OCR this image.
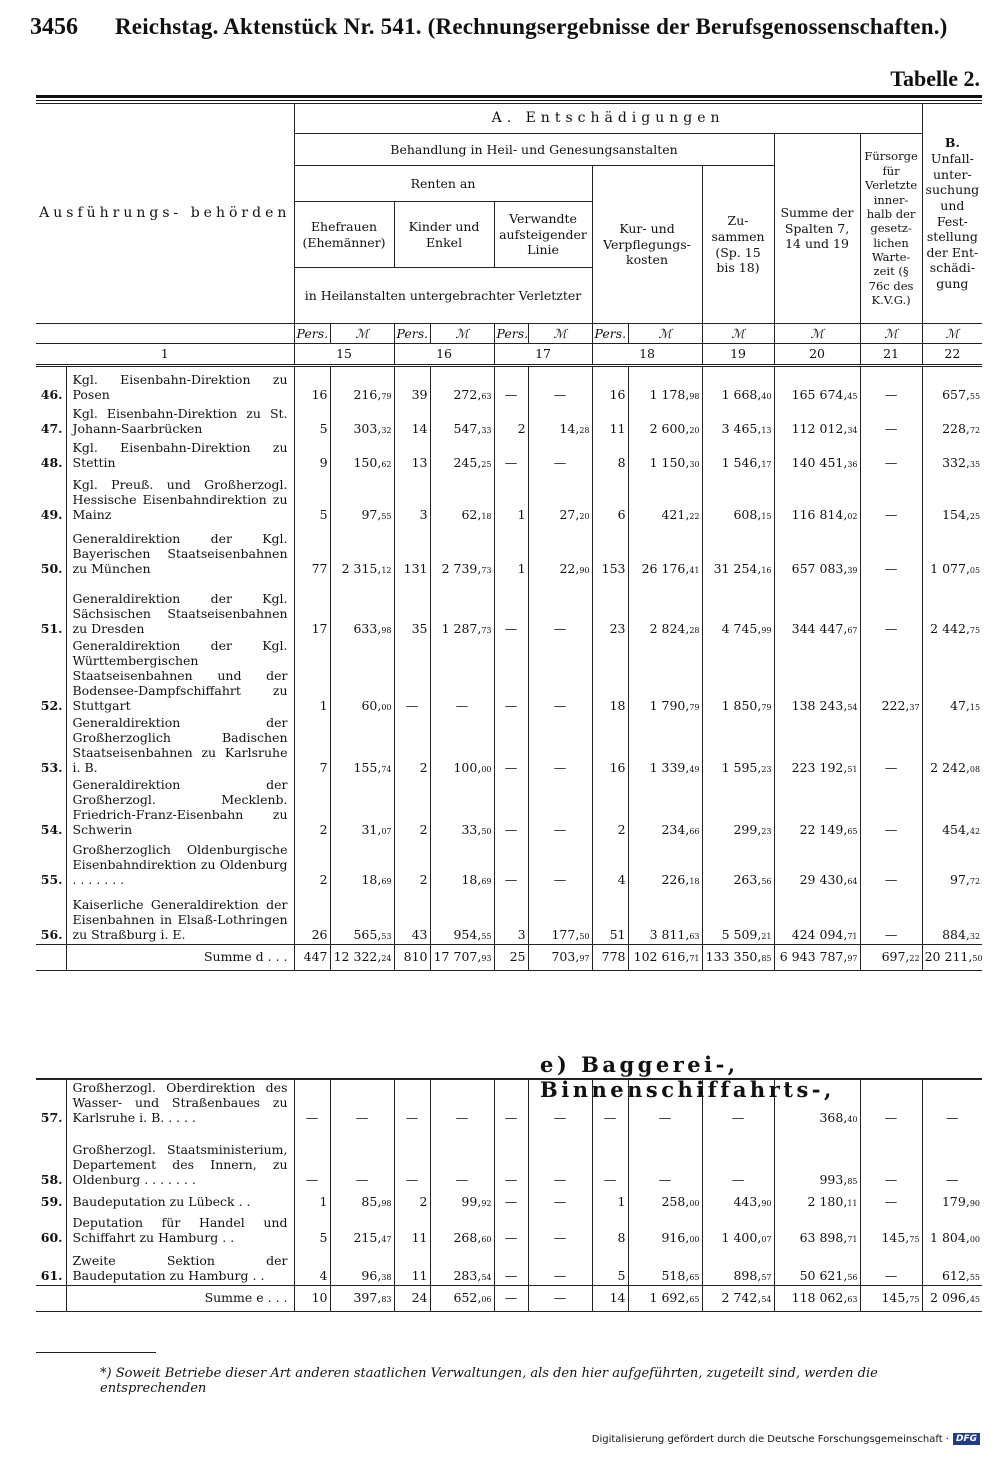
3456	Reichstag. Aktenstück Nr. 541. (Rechnungsergebnisse der Berufsgenossenschaften.)
Tabelle 2.
Ausführungs- behörden		A. Entschädigungen											B.
Unfall- unter- suchung und Fest- stellung der Ent- schädi- gung

		Behandlung in Heil- und Genesungsanstalten									Summe der Spalten 7, 14 und 19	Fürsorge für Verletzte inner- halb der gesetz- lichen Warte- zeit (§ 76c des K.V.G.)	
		Renten an						Kur- und Verpflegungs- kosten		Zu- sammen (Sp. 15 bis 18)			
		Ehefrauen (Ehemänner)		Kinder und Enkel		Verwandte aufsteigender Linie							
		in Heilanstalten untergebrachter Verletzter											
		Pers.	ℳ	Pers.	ℳ	Pers.	ℳ	Pers.	ℳ	ℳ	ℳ	ℳ	ℳ
1		15		16		17		18		19	20	21	22
46.	Kgl. Eisenbahn-Direktion zu Posen	16	216,79	39	272,63	—	—	16	1 178,98	1 668,40	165 674,45	—	657,55
47.	Kgl. Eisenbahn-Direktion zu St. Johann-Saarbrücken	5	303,32	14	547,33	2	14,28	11	2 600,20	3 465,13	112 012,34	—	228,72
48.	Kgl. Eisenbahn-Direktion zu Stettin	9	150,62	13	245,25	—	—	8	1 150,30	1 546,17	140 451,36	—	332,35
49.	Kgl. Preuß. und Großherzogl. Hessische Eisenbahndirektion zu Mainz	5	97,55	3	62,18	1	27,20	6	421,22	608,15	116 814,02	—	154,25
50.	Generaldirektion der Kgl. Bayerischen Staatseisenbahnen zu München	77	2 315,12	131	2 739,73	1	22,90	153	26 176,41	31 254,16	657 083,39	—	1 077,05
51.	Generaldirektion der Kgl. Sächsischen Staatseisenbahnen zu Dresden	17	633,98	35	1 287,73	—	—	23	2 824,28	4 745,99	344 447,67	—	2 442,75
52.	Generaldirektion der Kgl. Württembergischen Staatseisenbahnen und der Bodensee-Dampfschiffahrt zu Stuttgart	1	60,00	—	—	—	—	18	1 790,79	1 850,79	138 243,54	222,37	47,15
53.	Generaldirektion der Großherzoglich Badischen Staatseisenbahnen zu Karlsruhe i. B.	7	155,74	2	100,00	—	—	16	1 339,49	1 595,23	223 192,51	—	2 242,08
54.	Generaldirektion der Großherzogl. Mecklenb. Friedrich-Franz-Eisenbahn zu Schwerin	2	31,07	2	33,50	—	—	2	234,66	299,23	22 149,65	—	454,42
55.	Großherzoglich Oldenburgische Eisenbahndirektion zu Oldenburg . . . . . . .	2	18,69	2	18,69	—	—	4	226,18	263,56	29 430,64	—	97,72
56.	Kaiserliche Generaldirektion der Eisenbahnen in Elsaß-Lothringen zu Straßburg i. E.	26	565,53	43	954,55	3	177,50	51	3 811,63	5 509,21	424 094,71	—	884,32
	Summe d . . .	447	12 322,24	810	17 707,93	25	703,97	778	102 616,71	133 350,85	6 943 787,97	697,22	20 211,50
e) Baggerei-, Binnenschiffahrts-,
57.	Großherzogl. Oberdirektion des Wasser- und Straßenbaues zu Karlsruhe i. B. . . . .	—	—	—	—	—	—	—	—	—	368,40	—	—
58.	Großherzogl. Staatsministerium, Departement des Innern, zu Oldenburg . . . . . . .	—	—	—	—	—	—	—	—	—	993,85	—	—
59.	Baudeputation zu Lübeck . .	1	85,98	2	99,92	—	—	1	258,00	443,90	2 180,11	—	179,90
60.	Deputation für Handel und Schiffahrt zu Hamburg . .	5	215,47	11	268,60	—	—	8	916,00	1 400,07	63 898,71	145,75	1 804,00
61.	Zweite Sektion der Baudeputation zu Hamburg . .	4	96,38	11	283,54	—	—	5	518,65	898,57	50 621,56	—	612,55
	Summe e . . .	10	397,83	24	652,06	—	—	14	1 692,65	2 742,54	118 062,63	145,75	2 096,45
*) Soweit Betriebe dieser Art anderen staatlichen Verwaltungen, als den hier aufgeführten, zugeteilt sind, werden die entsprechenden
Digitalisierung gefördert durch die Deutsche Forschungsgemeinschaft · DFG
